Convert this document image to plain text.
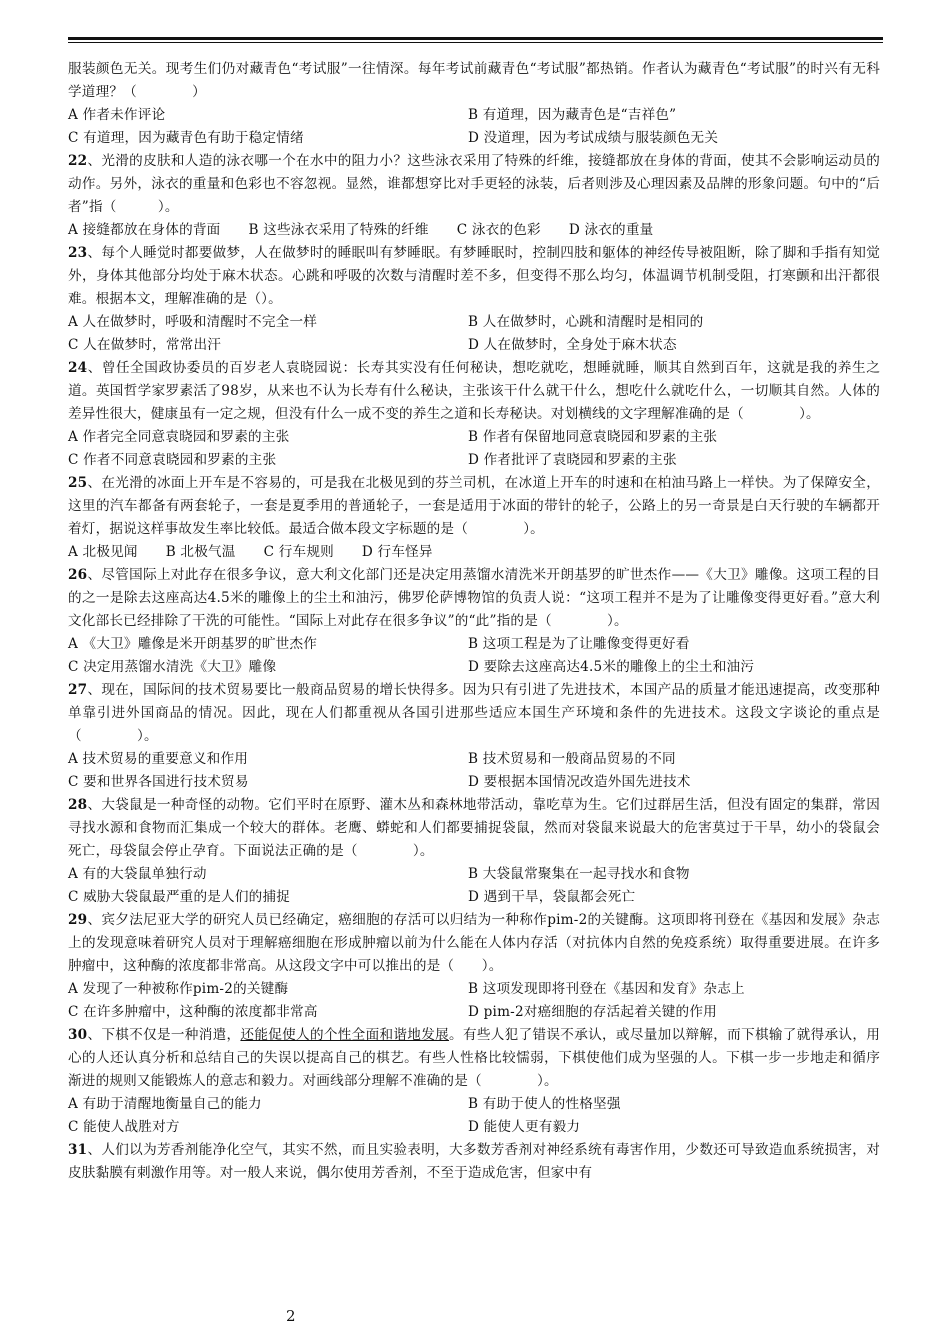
服装颜色无关。现考生们仍对藏青色“考试服”一往情深。每年考试前藏青色“考试服”都热销。作者认为藏青色“考试服”的时兴有无科学道理？（　　　　）

A 作者未作评论	B 有道理，因为藏青色是“吉祥色”
C 有道理，因为藏青色有助于稳定情绪	D 没道理，因为考试成绩与服装颜色无关

22、光滑的皮肤和人造的泳衣哪一个在水中的阻力小？这些泳衣采用了特殊的纤维，接缝都放在身体的背面，使其不会影响运动员的动作。另外，泳衣的重量和色彩也不容忽视。显然，谁都想穿比对手更轻的泳装，后者则涉及心理因素及品牌的形象问题。句中的“后者”指（　　　）。

A 接缝都放在身体的背面 B 这些泳衣采用了特殊的纤维 C 泳衣的色彩 D 泳衣的重量

23、每个人睡觉时都要做梦，人在做梦时的睡眠叫有梦睡眠。有梦睡眠时，控制四肢和躯体的神经传导被阻断，除了脚和手指有知觉外，身体其他部分均处于麻木状态。心跳和呼吸的次数与清醒时差不多，但变得不那么均匀，体温调节机制受阻，打寒颤和出汗都很难。根据本文，理解准确的是（）。

A 人在做梦时，呼吸和清醒时不完全一样	B 人在做梦时，心跳和清醒时是相同的
C 人在做梦时，常常出汗	D 人在做梦时，全身处于麻木状态

24、曾任全国政协委员的百岁老人袁晓园说：长寿其实没有任何秘诀，想吃就吃，想睡就睡，顺其自然到百年，这就是我的养生之道。英国哲学家罗素活了98岁，从来也不认为长寿有什么秘诀，主张该干什么就干什么，想吃什么就吃什么，一切顺其自然。人体的差异性很大，健康虽有一定之规，但没有什么一成不变的养生之道和长寿秘诀。对划横线的文字理解准确的是（　　　　）。

A 作者完全同意袁晓园和罗素的主张	B 作者有保留地同意袁晓园和罗素的主张
C 作者不同意袁晓园和罗素的主张	D 作者批评了袁晓园和罗素的主张

25、在光滑的冰面上开车是不容易的，可是我在北极见到的芬兰司机，在冰道上开车的时速和在柏油马路上一样快。为了保障安全，这里的汽车都备有两套轮子，一套是夏季用的普通轮子，一套是适用于冰面的带针的轮子，公路上的另一奇景是白天行驶的车辆都开着灯，据说这样事故发生率比较低。最适合做本段文字标题的是（　　　　）。

A 北极见闻 B 北极气温 C 行车规则 D 行车怪异

26、尽管国际上对此存在很多争议，意大利文化部门还是决定用蒸馏水清洗米开朗基罗的旷世杰作——《大卫》雕像。这项工程的目的之一是除去这座高达4.5米的雕像上的尘土和油污，佛罗伦萨博物馆的负责人说：“这项工程并不是为了让雕像变得更好看。”意大利文化部长已经排除了干洗的可能性。“国际上对此存在很多争议”的“此”指的是（　　　　）。

A 《大卫》雕像是米开朗基罗的旷世杰作	B 这项工程是为了让雕像变得更好看
C 决定用蒸馏水清洗《大卫》雕像	D 要除去这座高达4.5米的雕像上的尘土和油污

27、现在，国际间的技术贸易要比一般商品贸易的增长快得多。因为只有引进了先进技术，本国产品的质量才能迅速提高，改变那种单靠引进外国商品的情况。因此，现在人们都重视从各国引进那些适应本国生产环境和条件的先进技术。这段文字谈论的重点是（　　　　）。

A 技术贸易的重要意义和作用	B 技术贸易和一般商品贸易的不同
C 要和世界各国进行技术贸易	D 要根据本国情况改造外国先进技术

28、大袋鼠是一种奇怪的动物。它们平时在原野、灌木丛和森林地带活动，靠吃草为生。它们过群居生活，但没有固定的集群，常因寻找水源和食物而汇集成一个较大的群体。老鹰、蟒蛇和人们都要捕捉袋鼠，然而对袋鼠来说最大的危害莫过于干旱，幼小的袋鼠会死亡，母袋鼠会停止孕育。下面说法正确的是（　　　　）。

A 有的大袋鼠单独行动	B 大袋鼠常聚集在一起寻找水和食物
C 威胁大袋鼠最严重的是人们的捕捉	D 遇到干旱，袋鼠都会死亡

29、宾夕法尼亚大学的研究人员已经确定，癌细胞的存活可以归结为一种称作pim-2的关键酶。这项即将刊登在《基因和发展》杂志上的发现意味着研究人员对于理解癌细胞在形成肿瘤以前为什么能在人体内存活（对抗体内自然的免疫系统）取得重要进展。在许多肿瘤中，这种酶的浓度都非常高。从这段文字中可以推出的是（　　）。

A 发现了一种被称作pim-2的关键酶	B 这项发现即将刊登在《基因和发育》杂志上
C 在许多肿瘤中，这种酶的浓度都非常高	D pim-2对癌细胞的存活起着关键的作用

30、下棋不仅是一种消遣，还能促使人的个性全面和谐地发展。有些人犯了错误不承认，或尽量加以辩解，而下棋输了就得承认，用心的人还认真分析和总结自己的失误以提高自己的棋艺。有些人性格比较懦弱，下棋使他们成为坚强的人。下棋一步一步地走和循序渐进的规则又能锻炼人的意志和毅力。对画线部分理解不准确的是（　　　　）。

A 有助于清醒地衡量自己的能力	B 有助于使人的性格坚强
C 能使人战胜对方	D 能使人更有毅力

31、人们以为芳香剂能净化空气，其实不然，而且实验表明，大多数芳香剂对神经系统有毒害作用，少数还可导致造血系统损害，对皮肤黏膜有刺激作用等。对一般人来说，偶尔使用芳香剂，不至于造成危害，但家中有

2
